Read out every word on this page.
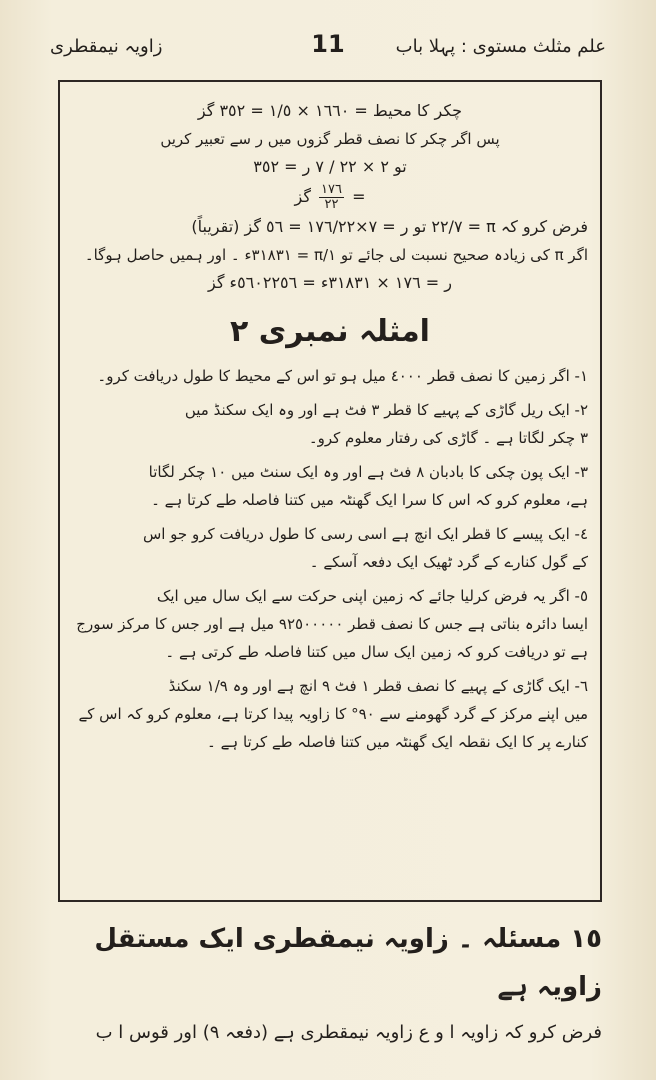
علم مثلث مستوی : پہلا باب
11
زاویہ نیمقطری
چکر کا محیط = ١٦٦٠ × ١/٥ = ٣٥٢ گز
پس اگر چکر کا نصف قطر گزوں میں ر سے تعبیر کریں
تو ٢ × ٢٢ / ٧ ر = ٣٥٢
=
$\frac{١٧٦}{٢٢}$
گز
فرض کرو کہ π = ٢٢/٧ تو ر = ٧×١٧٦/٢٢ = ٥٦ گز (تقریباً)
اگر π کی زیادہ صحیح نسبت لی جائے تو ١/π = ٣١٨٣١ء ۔ اور ہمیں حاصل ہوگا۔
ر = ١٧٦ × ٣١٨٣١ء = ٥٦٠٢٢٥٦ء گز
امثلہ نمبری ٢
١- اگر زمین کا نصف قطر ٤٠٠٠ میل ہو تو اس کے محیط کا طول دریافت کرو۔
٢- ایک ریل گاڑی کے پہیے کا قطر ٣ فٹ ہے اور وہ ایک سکنڈ میں
٣ چکر لگاتا ہے ۔ گاڑی کی رفتار معلوم کرو۔
٣- ایک پون چکی کا بادبان ٨ فٹ ہے اور وہ ایک سنٹ میں ١٠ چکر لگاتا
ہے، معلوم کرو کہ اس کا سرا ایک گھنٹہ میں کتنا فاصلہ طے کرتا ہے ۔
٤- ایک پیسے کا قطر ایک انچ ہے اسی رسی کا طول دریافت کرو جو اس
کے گول کنارے کے گرد ٹھیک ایک دفعہ آسکے ۔
٥- اگر یہ فرض کرلیا جائے کہ زمین اپنی حرکت سے ایک سال میں ایک
ایسا دائرہ بناتی ہے جس کا نصف قطر ٩٢٥٠٠٠٠٠ میل ہے اور جس کا مرکز سورج
ہے تو دریافت کرو کہ زمین ایک سال میں کتنا فاصلہ طے کرتی ہے ۔
٦- ایک گاڑی کے پہیے کا نصف قطر ١ فٹ ٩ انچ ہے اور وہ ١/٩ سکنڈ
میں اپنے مرکز کے گرد گھومنے سے ٩٠° کا زاویہ پیدا کرتا ہے، معلوم کرو کہ اس کے
کنارے پر کا ایک نقطہ ایک گھنٹہ میں کتنا فاصلہ طے کرتا ہے ۔
١٥ مسئلہ ۔ زاویہ نیمقطری ایک مستقل زاویہ ہے
فرض کرو کہ زاویہ ا و ع زاویہ نیمقطری ہے (دفعہ ٩) اور قوس ا ب
